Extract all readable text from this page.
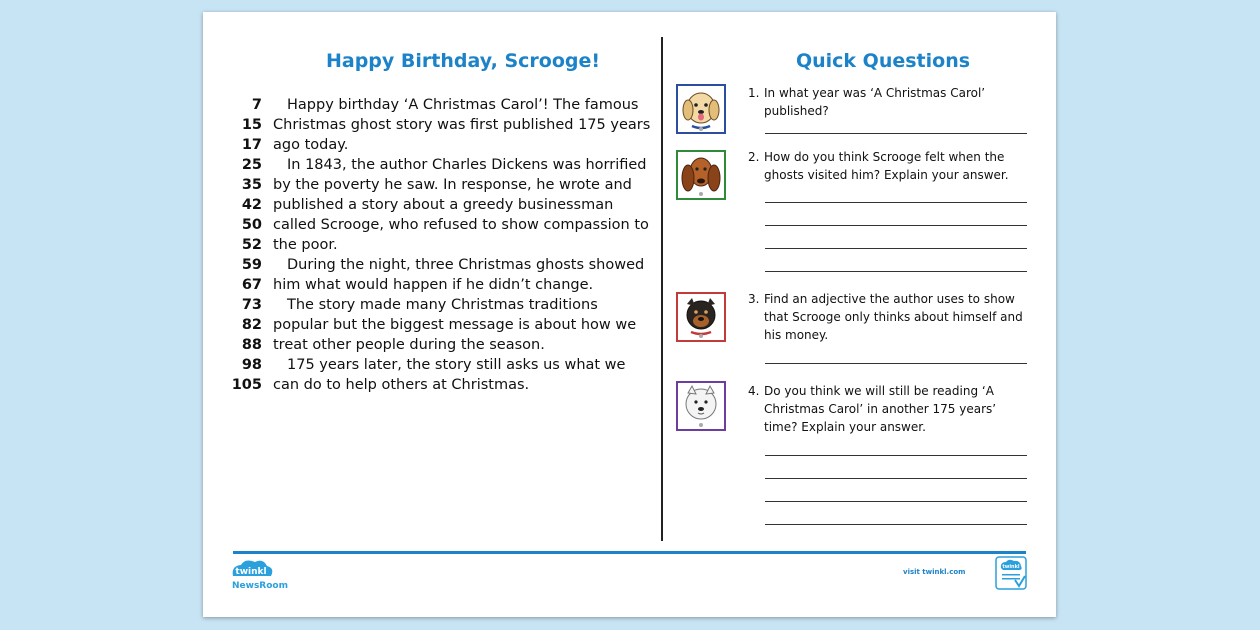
Happy Birthday, Scrooge!
7 Happy birthday ‘A Christmas Carol’! The famous
15 Christmas ghost story was first published 175 years
17 ago today.
25 In 1843, the author Charles Dickens was horrified
35 by the poverty he saw. In response, he wrote and
42 published a story about a greedy businessman
50 called Scrooge, who refused to show compassion to
52 the poor.
59 During the night, three Christmas ghosts showed
67 him what would happen if he didn’t change.
73 The story made many Christmas traditions
82 popular but the biggest message is about how we
88 treat other people during the season.
98 175 years later, the story still asks us what we
105 can do to help others at Christmas.
Quick Questions
1. In what year was ‘A Christmas Carol’ published?
2. How do you think Scrooge felt when the ghosts visited him? Explain your answer.
3. Find an adjective the author uses to show that Scrooge only thinks about himself and his money.
4. Do you think we will still be reading ‘A Christmas Carol’ in another 175 years’ time? Explain your answer.
twinkl
NewsRoom
visit twinkl.com
twinkl
